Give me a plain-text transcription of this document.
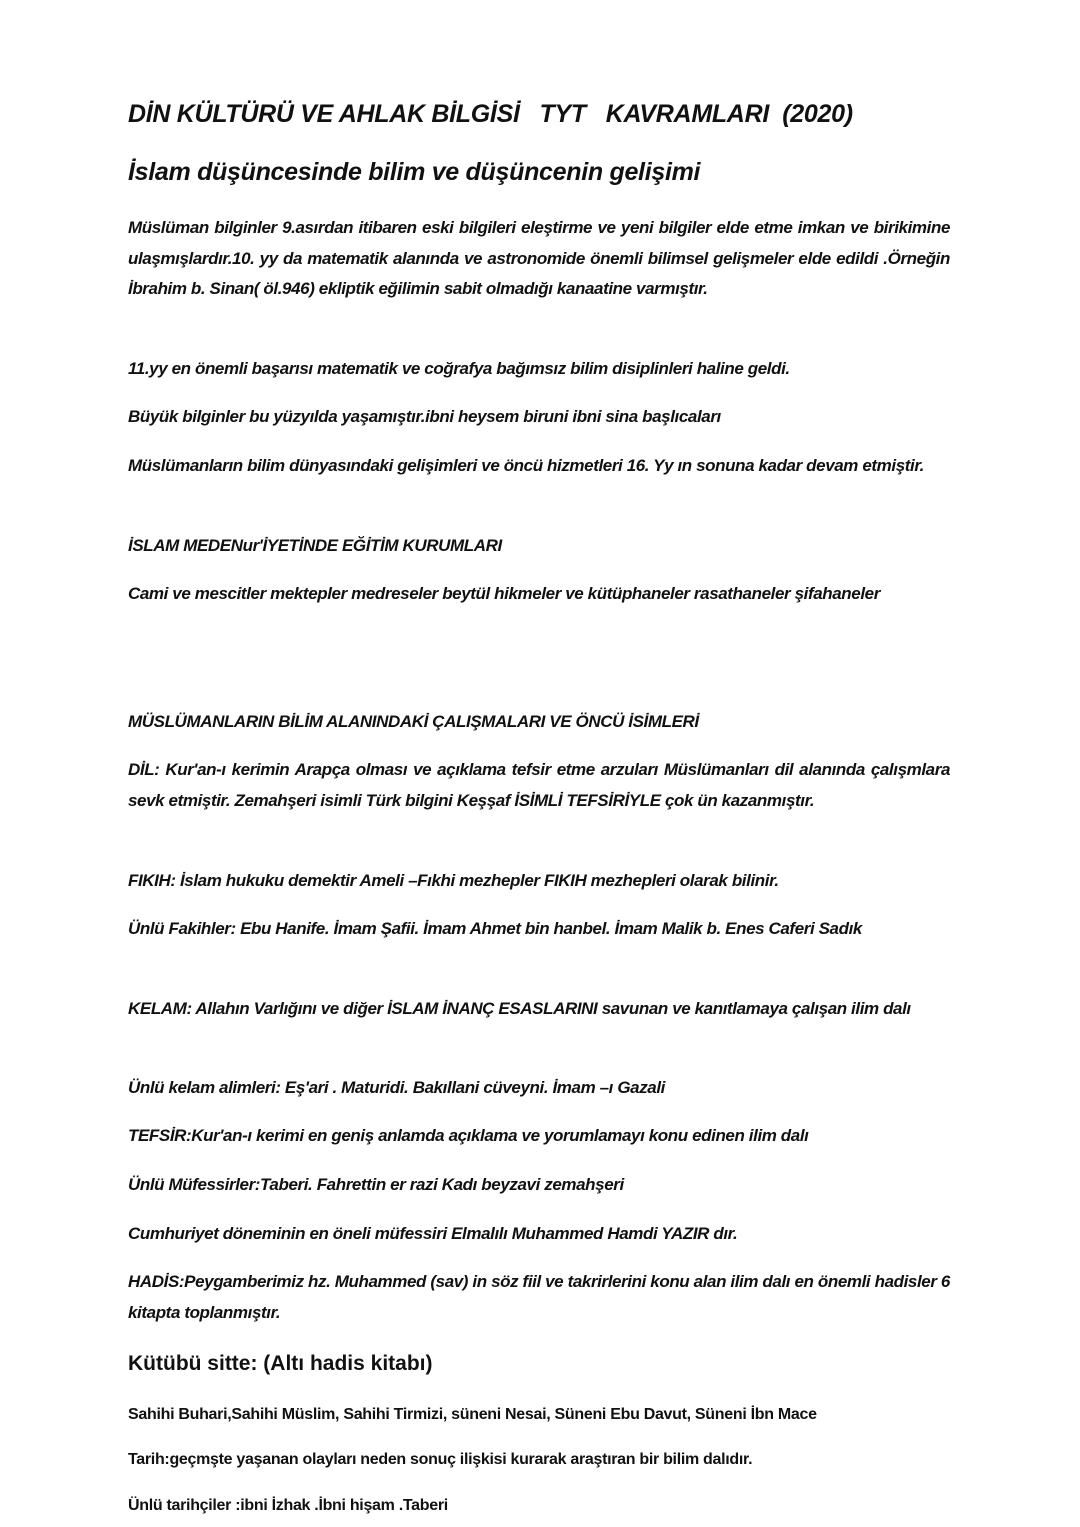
DİN KÜLTÜRÜ VE AHLAK BİLGİSİ   TYT   KAVRAMLARI  (2020)
İslam düşüncesinde bilim ve düşüncenin gelişimi

Müslüman bilginler 9.asırdan itibaren eski bilgileri eleştirme ve yeni bilgiler elde etme imkan ve birikimine ulaşmışlardır.10. yy da matematik alanında ve astronomide önemli bilimsel gelişmeler elde edildi .Örneğin İbrahim b. Sinan( öl.946) ekliptik eğilimin sabit olmadığı kanaatine varmıştır.

11.yy en önemli başarısı matematik ve coğrafya bağımsız bilim disiplinleri haline geldi.

Büyük bilginler bu yüzyılda yaşamıştır.ibni heysem biruni ibni sina başlıcaları

Müslümanların bilim dünyasındaki gelişimleri ve öncü hizmetleri 16. Yy ın sonuna kadar devam etmiştir.

İSLAM MEDENur'İYETİNDE EĞİTİM KURUMLARI

Cami ve mescitler mektepler medreseler beytül hikmeler ve kütüphaneler rasathaneler şifahaneler

MÜSLÜMANLARIN BİLİM ALANINDAKİ ÇALIŞMALARI VE ÖNCÜ İSİMLERİ

DİL: Kur'an-ı kerimin Arapça olması ve açıklama tefsir etme arzuları Müslümanları dil alanında çalışmlara sevk etmiştir. Zemahşeri isimli Türk bilgini Keşşaf İSİMLİ TEFSİRİYLE çok ün kazanmıştır.

FIKIH: İslam hukuku demektir Ameli –Fıkhi mezhepler FIKIH mezhepleri olarak bilinir.

Ünlü Fakihler: Ebu Hanife. İmam Şafii. İmam Ahmet bin hanbel. İmam Malik b. Enes Caferi Sadık

KELAM: Allahın Varlığını ve diğer İSLAM İNANÇ ESASLARINI savunan ve kanıtlamaya çalışan ilim dalı

Ünlü kelam alimleri: Eş'ari . Maturidi. Bakıllani cüveyni. İmam –ı Gazali

TEFSİR:Kur'an-ı kerimi en geniş anlamda açıklama ve yorumlamayı konu edinen ilim dalı

Ünlü Müfessirler:Taberi. Fahrettin er razi Kadı beyzavi zemahşeri

Cumhuriyet döneminin en öneli müfessiri Elmalılı Muhammed Hamdi YAZIR dır.

HADİS:Peygamberimiz hz. Muhammed (sav) in söz fiil ve takrirlerini konu alan ilim dalı en önemli hadisler 6 kitapta toplanmıştır.

Kütübü sitte: (Altı hadis kitabı)

Sahihi Buhari,Sahihi Müslim, Sahihi Tirmizi, süneni Nesai, Süneni Ebu Davut, Süneni İbn Mace

Tarih:geçmşte yaşanan olayları neden sonuç ilişkisi kurarak araştıran bir bilim dalıdır.

Ünlü tarihçiler :ibni İzhak .İbni hişam .Taberi
